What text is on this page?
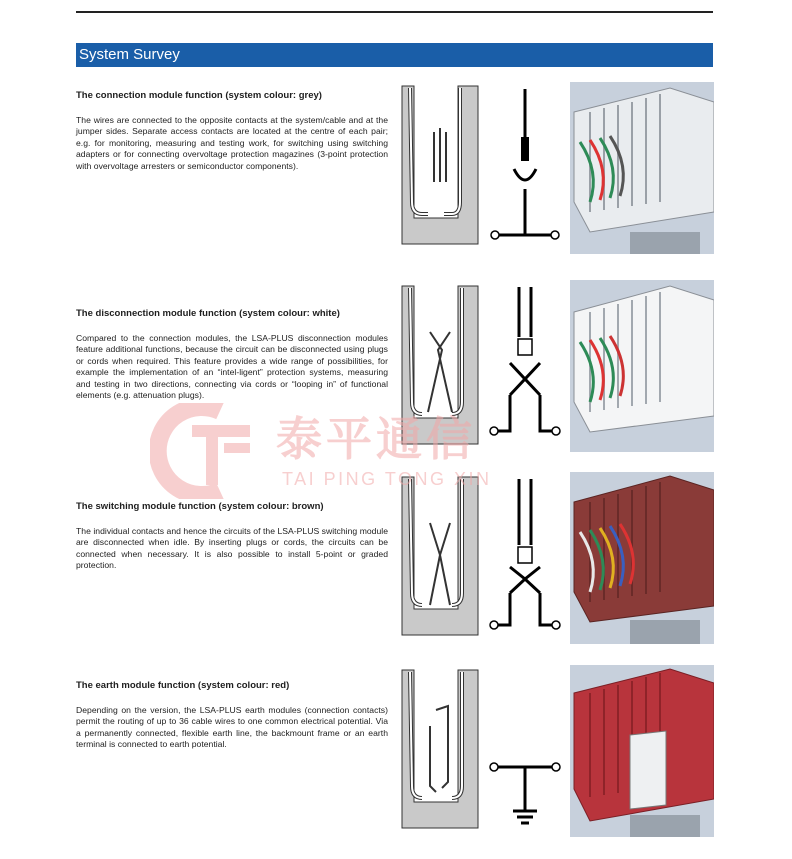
System Survey
The connection module function (system colour: grey)

The wires are connected to the opposite contacts at the system/cable and at the jumper sides. Separate access contacts are located at the centre of each pair; e.g. for monitoring, measuring and testing work, for switching using switching adapters or for connecting overvoltage protection magazines (3-point protection with overvoltage arresters or semiconductor components).

The disconnection module function (system colour: white)

Compared to the connection modules, the LSA-PLUS disconnection modules feature additional functions, because the circuit can be disconnected using plugs or cords when required. This feature provides a wide range of possibilities, for example the implementation of an “intel-ligent” protection systems, measuring and testing in two directions, connecting via cords or “looping in” of functional elements (e.g. attenuation plugs).

The switching module function (system colour: brown)

The individual contacts and hence the circuits of the LSA-PLUS switching module are disconnected when idle. By inserting plugs or cords, the circuits can be connected when necessary. It is also possible to install 5-point or graded protection.

The earth module function (system colour: red)

Depending on the version, the LSA-PLUS earth modules (connection contacts) permit the routing of up to 36 cable wires to one common electrical potential. Via a permanently connected, flexible earth line, the backmount frame or an earth terminal is connected to earth potential.

泰平通信
TAI PING TONG XIN
